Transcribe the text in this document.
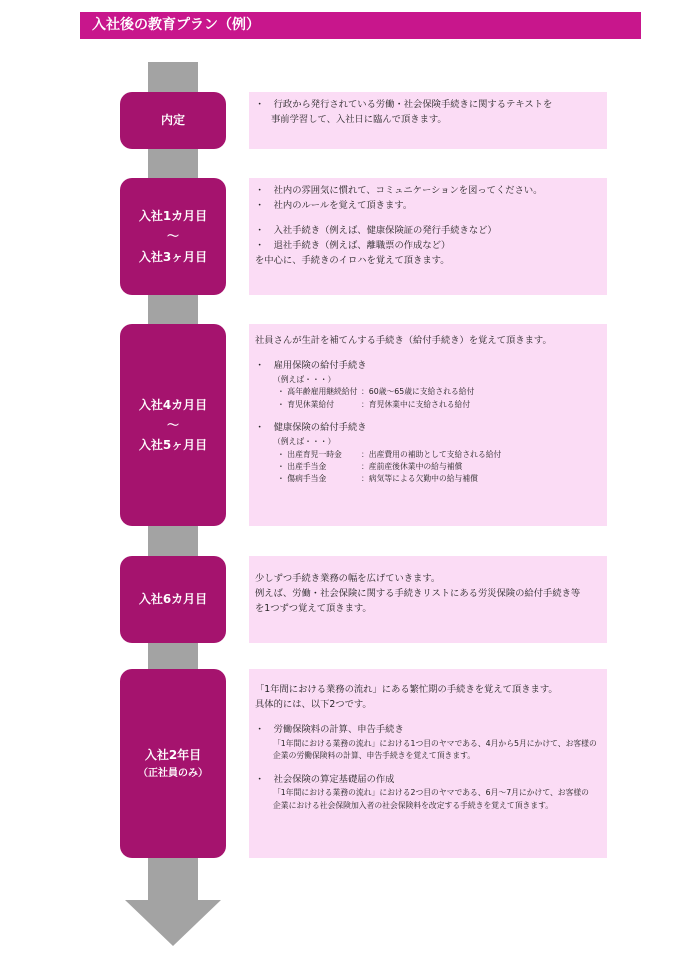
入社後の教育プラン（例）
内定
・　行政から発行されている労働・社会保険手続きに関するテキストを
事前学習して、入社日に臨んで頂きます。
入社1カ月目
～
入社3ヶ月目
・　社内の雰囲気に慣れて、コミュニケーションを図ってください。
・　社内のルールを覚えて頂きます。
・　入社手続き（例えば、健康保険証の発行手続きなど）
・　退社手続き（例えば、離職票の作成など）
を中心に、手続きのイロハを覚えて頂きます。
入社4カ月目
～
入社5ヶ月目
社員さんが生計を補てんする手続き（給付手続き）を覚えて頂きます。
・　雇用保険の給付手続き
（例えば・・・）
・ 高年齢雇用継続給付 ：60歳～65歳に支給される給付
・ 育児休業給付	：育児休業中に支給される給付
・　健康保険の給付手続き
（例えば・・・）
・ 出産育児一時金 ：出産費用の補助として支給される給付
・ 出産手当金	：産前産後休業中の給与補償
・ 傷病手当金	：病気等による欠勤中の給与補償
入社6カ月目
少しずつ手続き業務の幅を広げていきます。
例えば、労働・社会保険に関する手続きリストにある労災保険の給付手続き等
を1つずつ覚えて頂きます。
入社2年目
（正社員のみ）
「1年間における業務の流れ」にある繁忙期の手続きを覚えて頂きます。
具体的には、以下2つです。
・　労働保険料の計算、申告手続き
「1年間における業務の流れ」における1つ目のヤマである、4月から5月にかけて、お客様の
企業の労働保険料の計算、申告手続きを覚えて頂きます。
・　社会保険の算定基礎届の作成
「1年間における業務の流れ」における2つ目のヤマである、6月～7月にかけて、お客様の
企業における社会保険加入者の社会保険料を改定する手続きを覚えて頂きます。
